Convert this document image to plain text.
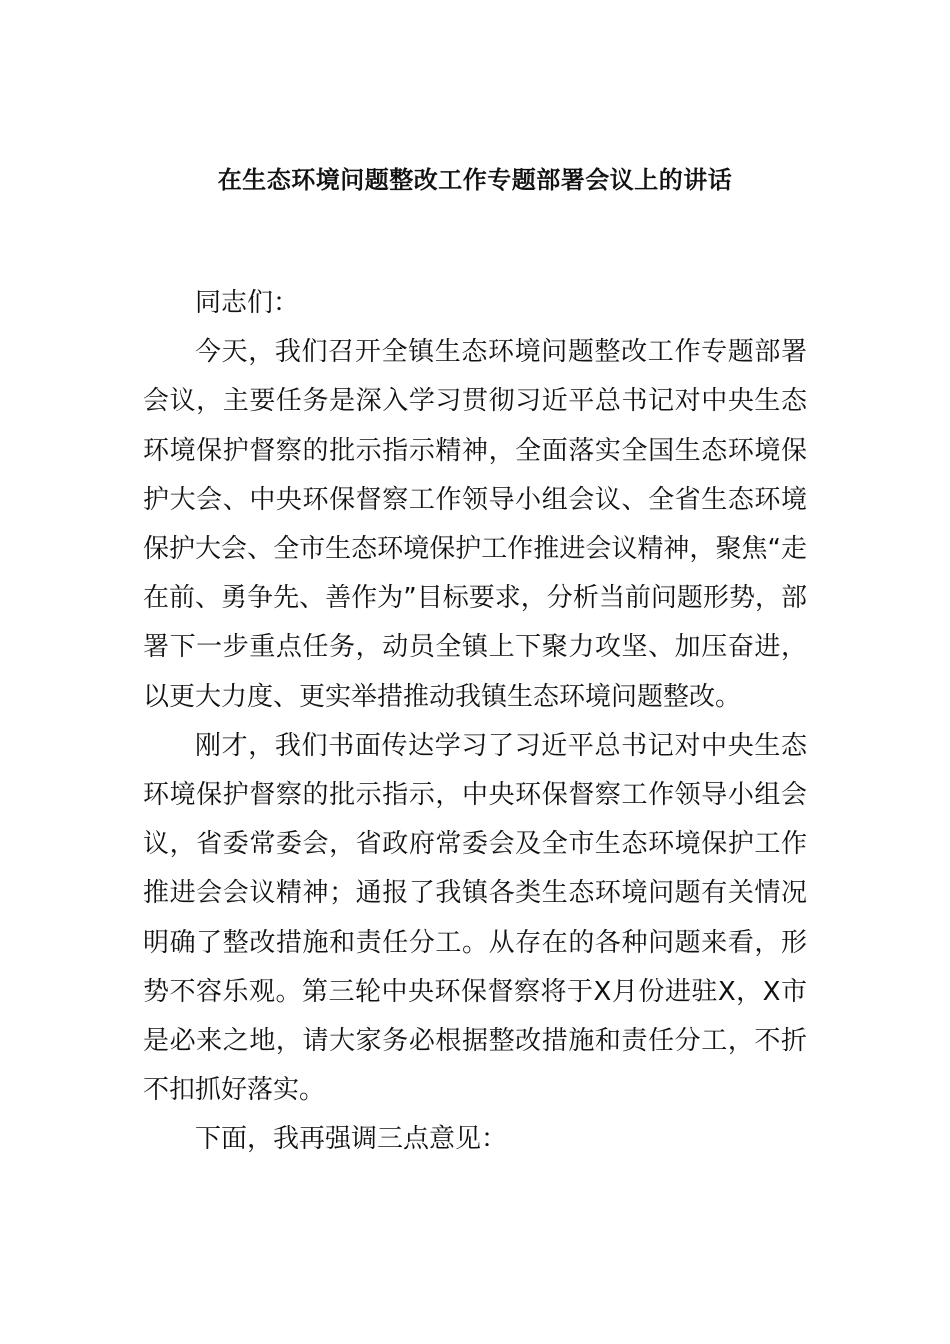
在生态环境问题整改工作专题部署会议上的讲话

同志们：

今天，我们召开全镇生态环境问题整改工作专题部署会议，主要任务是深入学习贯彻习近平总书记对中央生态环境保护督察的批示指示精神，全面落实全国生态环境保护大会、中央环保督察工作领导小组会议、全省生态环境保护大会、全市生态环境保护工作推进会议精神，聚焦“走在前、勇争先、善作为”目标要求，分析当前问题形势，部署下一步重点任务，动员全镇上下聚力攻坚、加压奋进，以更大力度、更实举措推动我镇生态环境问题整改。

刚才，我们书面传达学习了习近平总书记对中央生态环境保护督察的批示指示，中央环保督察工作领导小组会议，省委常委会，省政府常委会及全市生态环境保护工作推进会会议精神；通报了我镇各类生态环境问题有关情况明确了整改措施和责任分工。从存在的各种问题来看，形势不容乐观。第三轮中央环保督察将于X月份进驻X，X市是必来之地，请大家务必根据整改措施和责任分工，不折不扣抓好落实。

下面，我再强调三点意见：
